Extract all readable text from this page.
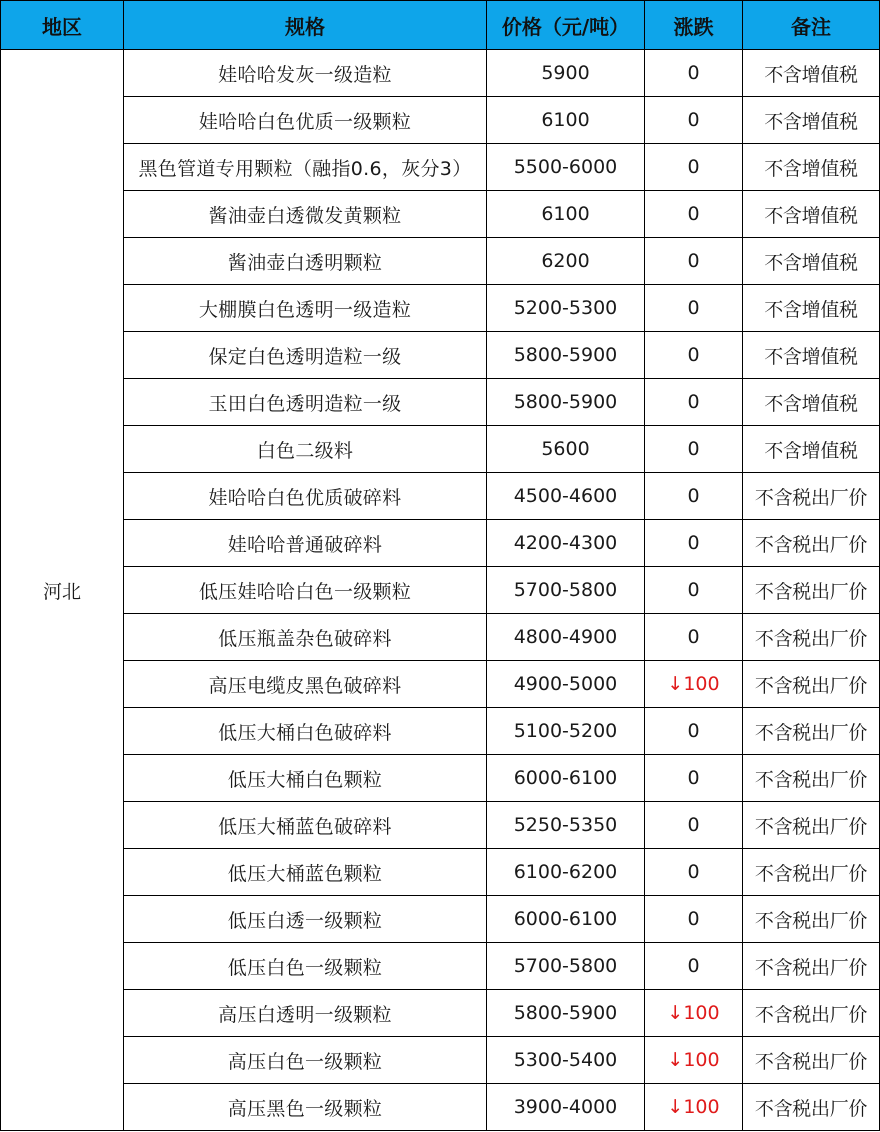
地区	规格	价格（元/吨）	涨跌	备注
河北	娃哈哈发灰一级造粒	5900	0	不含增值税
	娃哈哈白色优质一级颗粒	6100	0	不含增值税
	黑色管道专用颗粒（融指0.6，灰分3）	5500-6000	0	不含增值税
	酱油壶白透微发黄颗粒	6100	0	不含增值税
	酱油壶白透明颗粒	6200	0	不含增值税
	大棚膜白色透明一级造粒	5200-5300	0	不含增值税
	保定白色透明造粒一级	5800-5900	0	不含增值税
	玉田白色透明造粒一级	5800-5900	0	不含增值税
	白色二级料	5600	0	不含增值税
	娃哈哈白色优质破碎料	4500-4600	0	不含税出厂价
	娃哈哈普通破碎料	4200-4300	0	不含税出厂价
	低压娃哈哈白色一级颗粒	5700-5800	0	不含税出厂价
	低压瓶盖杂色破碎料	4800-4900	0	不含税出厂价
	高压电缆皮黑色破碎料	4900-5000	↓100	不含税出厂价
	低压大桶白色破碎料	5100-5200	0	不含税出厂价
	低压大桶白色颗粒	6000-6100	0	不含税出厂价
	低压大桶蓝色破碎料	5250-5350	0	不含税出厂价
	低压大桶蓝色颗粒	6100-6200	0	不含税出厂价
	低压白透一级颗粒	6000-6100	0	不含税出厂价
	低压白色一级颗粒	5700-5800	0	不含税出厂价
	高压白透明一级颗粒	5800-5900	↓100	不含税出厂价
	高压白色一级颗粒	5300-5400	↓100	不含税出厂价
	高压黑色一级颗粒	3900-4000	↓100	不含税出厂价
